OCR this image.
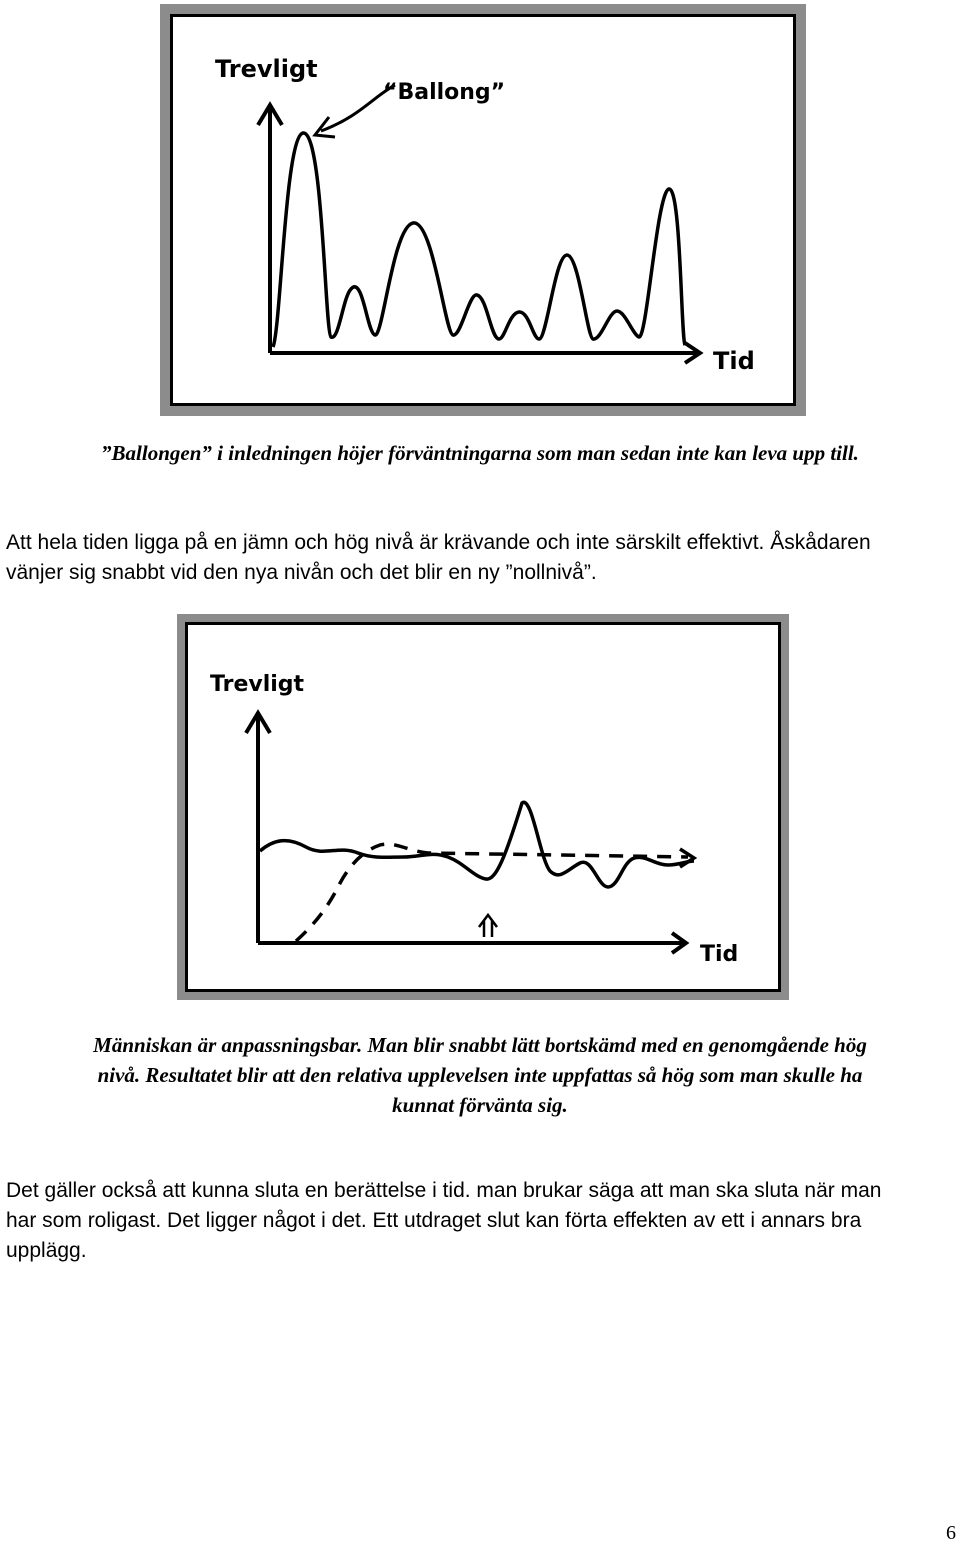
Trevligt
Tid
“Ballong”
”Ballongen” i inledningen höjer förväntningarna som man sedan inte kan leva upp till.
Att hela tiden ligga på en jämn och hög nivå är krävande och inte särskilt effektivt. Åskådaren
vänjer sig snabbt vid den nya nivån och det blir en ny ”nollnivå”.
Trevligt
Tid
Människan är anpassningsbar. Man blir snabbt lätt bortskämd med en genomgående hög
nivå. Resultatet blir att den relativa upplevelsen inte uppfattas så hög som man skulle ha
kunnat förvänta sig.
Det gäller också att kunna sluta en berättelse i tid. man brukar säga att man ska sluta när man
har som roligast. Det ligger något i det. Ett utdraget slut kan förta effekten av ett i annars bra
upplägg.
6
